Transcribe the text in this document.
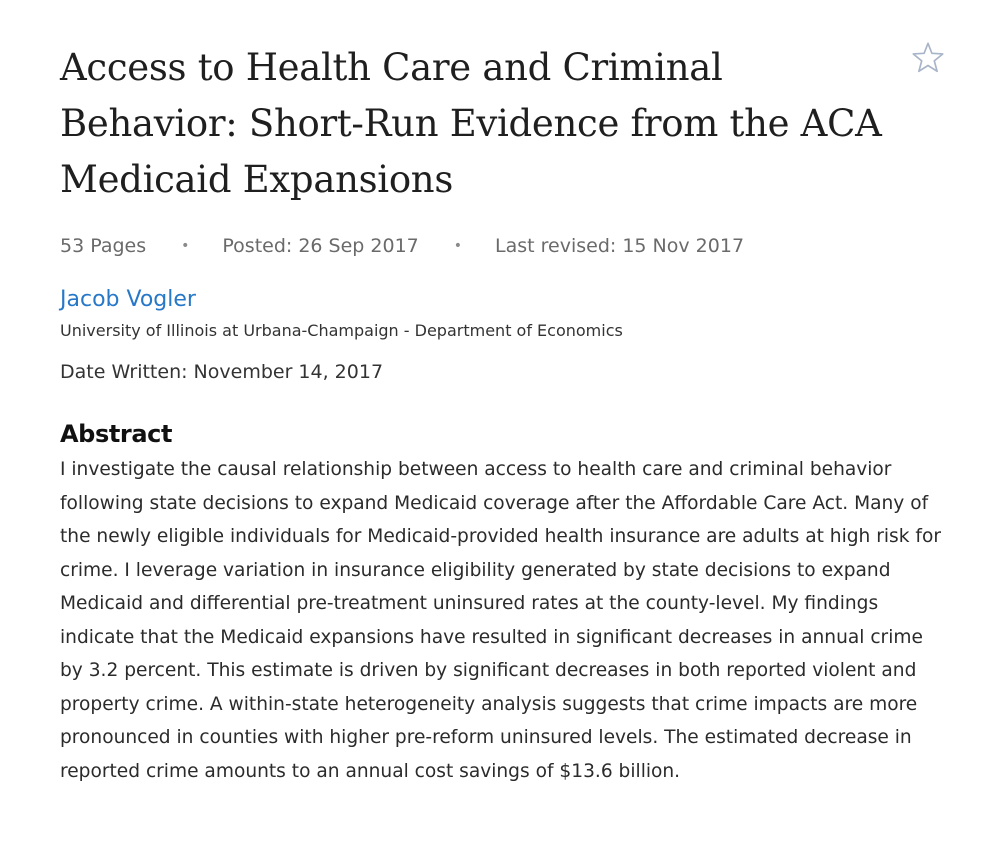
Access to Health Care and Criminal Behavior: Short-Run Evidence from the ACA Medicaid Expansions
53 Pages	• Posted: 26 Sep 2017	• Last revised: 15 Nov 2017
Jacob Vogler
University of Illinois at Urbana-Champaign - Department of Economics
Date Written: November 14, 2017
Abstract
I investigate the causal relationship between access to health care and criminal behavior following state decisions to expand Medicaid coverage after the Affordable Care Act. Many of the newly eligible individuals for Medicaid-provided health insurance are adults at high risk for crime. I leverage variation in insurance eligibility generated by state decisions to expand Medicaid and differential pre-treatment uninsured rates at the county-level. My findings indicate that the Medicaid expansions have resulted in significant decreases in annual crime by 3.2 percent. This estimate is driven by significant decreases in both reported violent and property crime. A within-state heterogeneity analysis suggests that crime impacts are more pronounced in counties with higher pre-reform uninsured levels. The estimated decrease in reported crime amounts to an annual cost savings of $13.6 billion.
